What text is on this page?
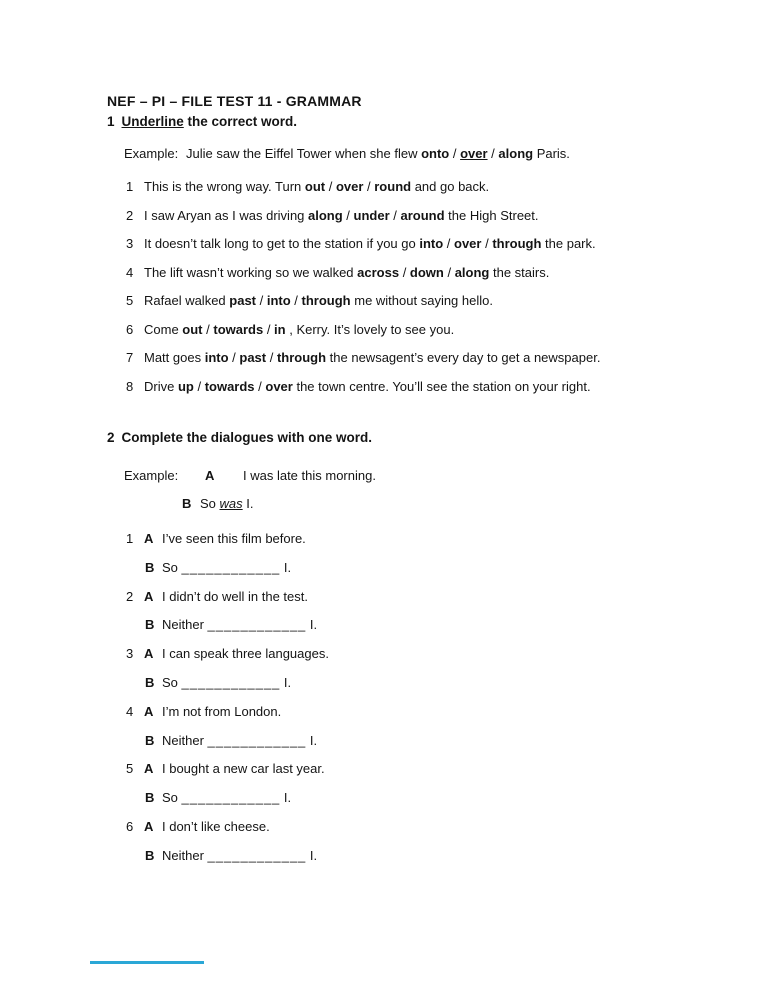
NEF – PI – FILE TEST 11 - GRAMMAR
1 Underline the correct word.
Example: Julie saw the Eiffel Tower when she flew onto / over / along Paris.
1 This is the wrong way. Turn out / over / round and go back.
2 I saw Aryan as I was driving along / under / around the High Street.
3 It doesn’t talk long to get to the station if you go into / over / through the park.
4 The lift wasn’t working so we walked across / down / along the stairs.
5 Rafael walked past / into / through me without saying hello.
6 Come out / towards / in , Kerry. It’s lovely to see you.
7 Matt goes into / past / through the newsagent’s every day to get a newspaper.
8 Drive up / towards / over the town centre. You’ll see the station on your right.
2 Complete the dialogues with one word.
Example:	A	I was late this morning.
B So was I.
1 A I’ve seen this film before.
B So ____________ I.
2 A I didn’t do well in the test.
B Neither ____________ I.
3 A I can speak three languages.
B So ____________ I.
4 A I’m not from London.
B Neither ____________ I.
5 A I bought a new car last year.
B So ____________ I.
6 A I don’t like cheese.
B Neither ____________ I.
